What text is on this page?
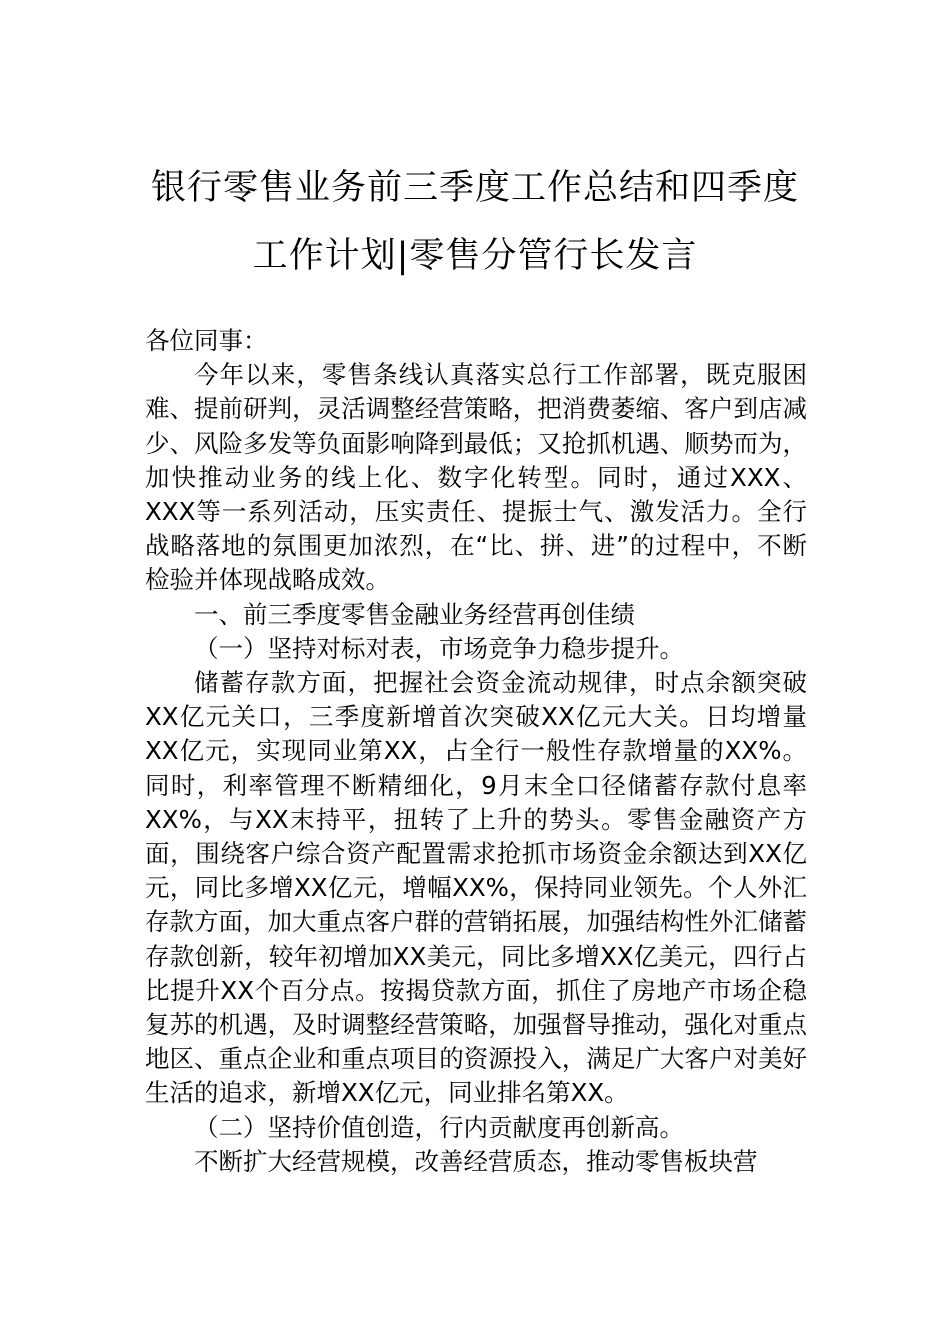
银行零售业务前三季度工作总结和四季度
工作计划|零售分管行长发言

各位同事：

今年以来，零售条线认真落实总行工作部署，既克服困难、提前研判，灵活调整经营策略，把消费萎缩、客户到店减少、风险多发等负面影响降到最低；又抢抓机遇、顺势而为，加快推动业务的线上化、数字化转型。同时，通过XXX、XXX等一系列活动，压实责任、提振士气、激发活力。全行战略落地的氛围更加浓烈，在“比、拼、进”的过程中，不断检验并体现战略成效。

一、前三季度零售金融业务经营再创佳绩

（一）坚持对标对表，市场竞争力稳步提升。

储蓄存款方面，把握社会资金流动规律，时点余额突破XX亿元关口，三季度新增首次突破XX亿元大关。日均增量XX亿元，实现同业第XX，占全行一般性存款增量的XX%。同时，利率管理不断精细化，9月末全口径储蓄存款付息率XX%，与XX末持平，扭转了上升的势头。零售金融资产方面，围绕客户综合资产配置需求抢抓市场资金余额达到XX亿元，同比多增XX亿元，增幅XX%，保持同业领先。个人外汇存款方面，加大重点客户群的营销拓展，加强结构性外汇储蓄存款创新，较年初增加XX美元，同比多增XX亿美元，四行占比提升XX个百分点。按揭贷款方面，抓住了房地产市场企稳复苏的机遇，及时调整经营策略，加强督导推动，强化对重点地区、重点企业和重点项目的资源投入，满足广大客户对美好生活的追求，新增XX亿元，同业排名第XX。

（二）坚持价值创造，行内贡献度再创新高。

不断扩大经营规模，改善经营质态，推动零售板块营
